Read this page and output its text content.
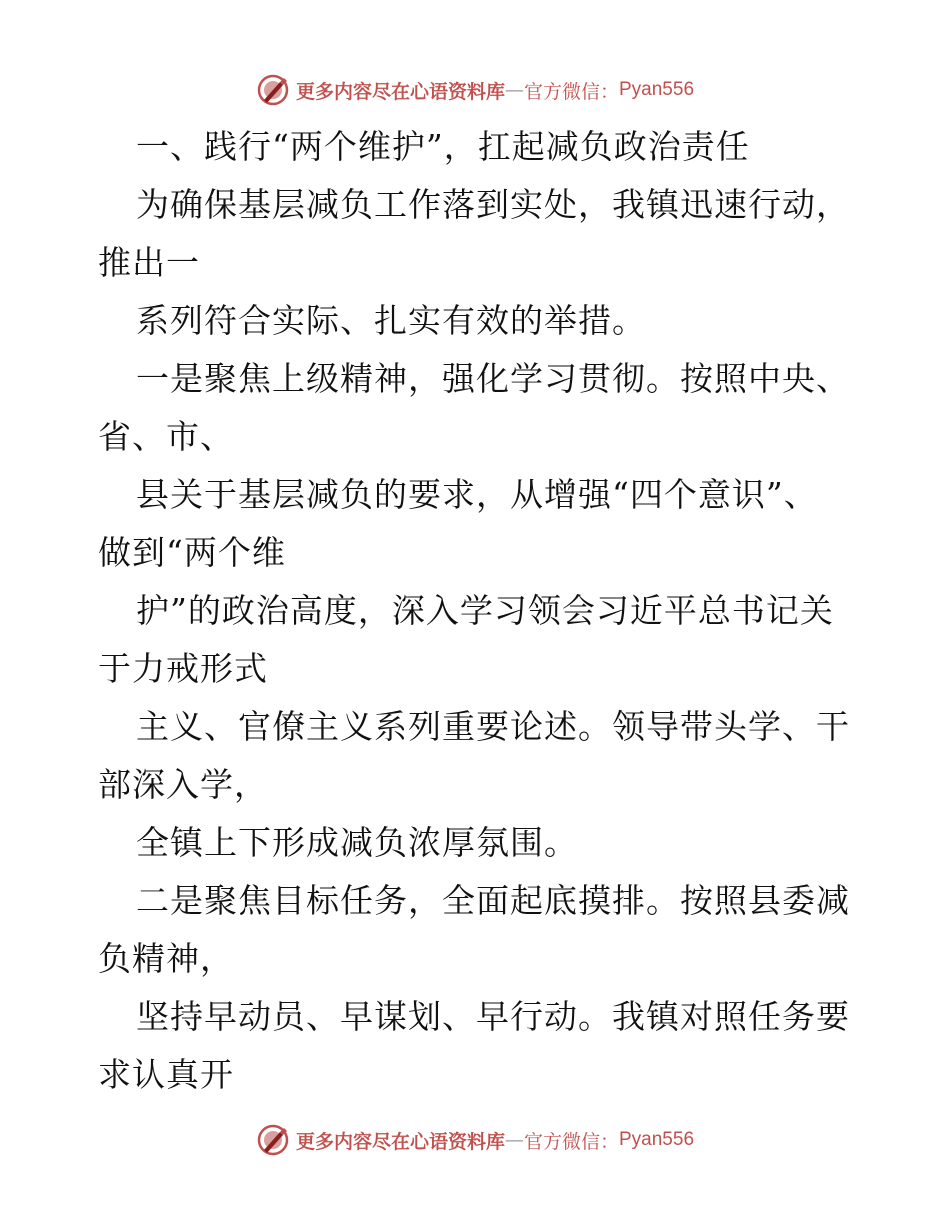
更多内容尽在心语资料库 — 官方微信： Pyan556
一、践行“两个维护”，扛起减负政治责任
为确保基层减负工作落到实处，我镇迅速行动，
推出一
系列符合实际、扎实有效的举措。
一是聚焦上级精神，强化学习贯彻。按照中央、
省、市、
县关于基层减负的要求，从增强“四个意识”、
做到“两个维
护”的政治高度，深入学习领会习近平总书记关
于力戒形式
主义、官僚主义系列重要论述。领导带头学、干
部深入学，
全镇上下形成减负浓厚氛围。
二是聚焦目标任务，全面起底摸排。按照县委减
负精神，
坚持早动员、早谋划、早行动。我镇对照任务要
求认真开
更多内容尽在心语资料库 — 官方微信： Pyan556
